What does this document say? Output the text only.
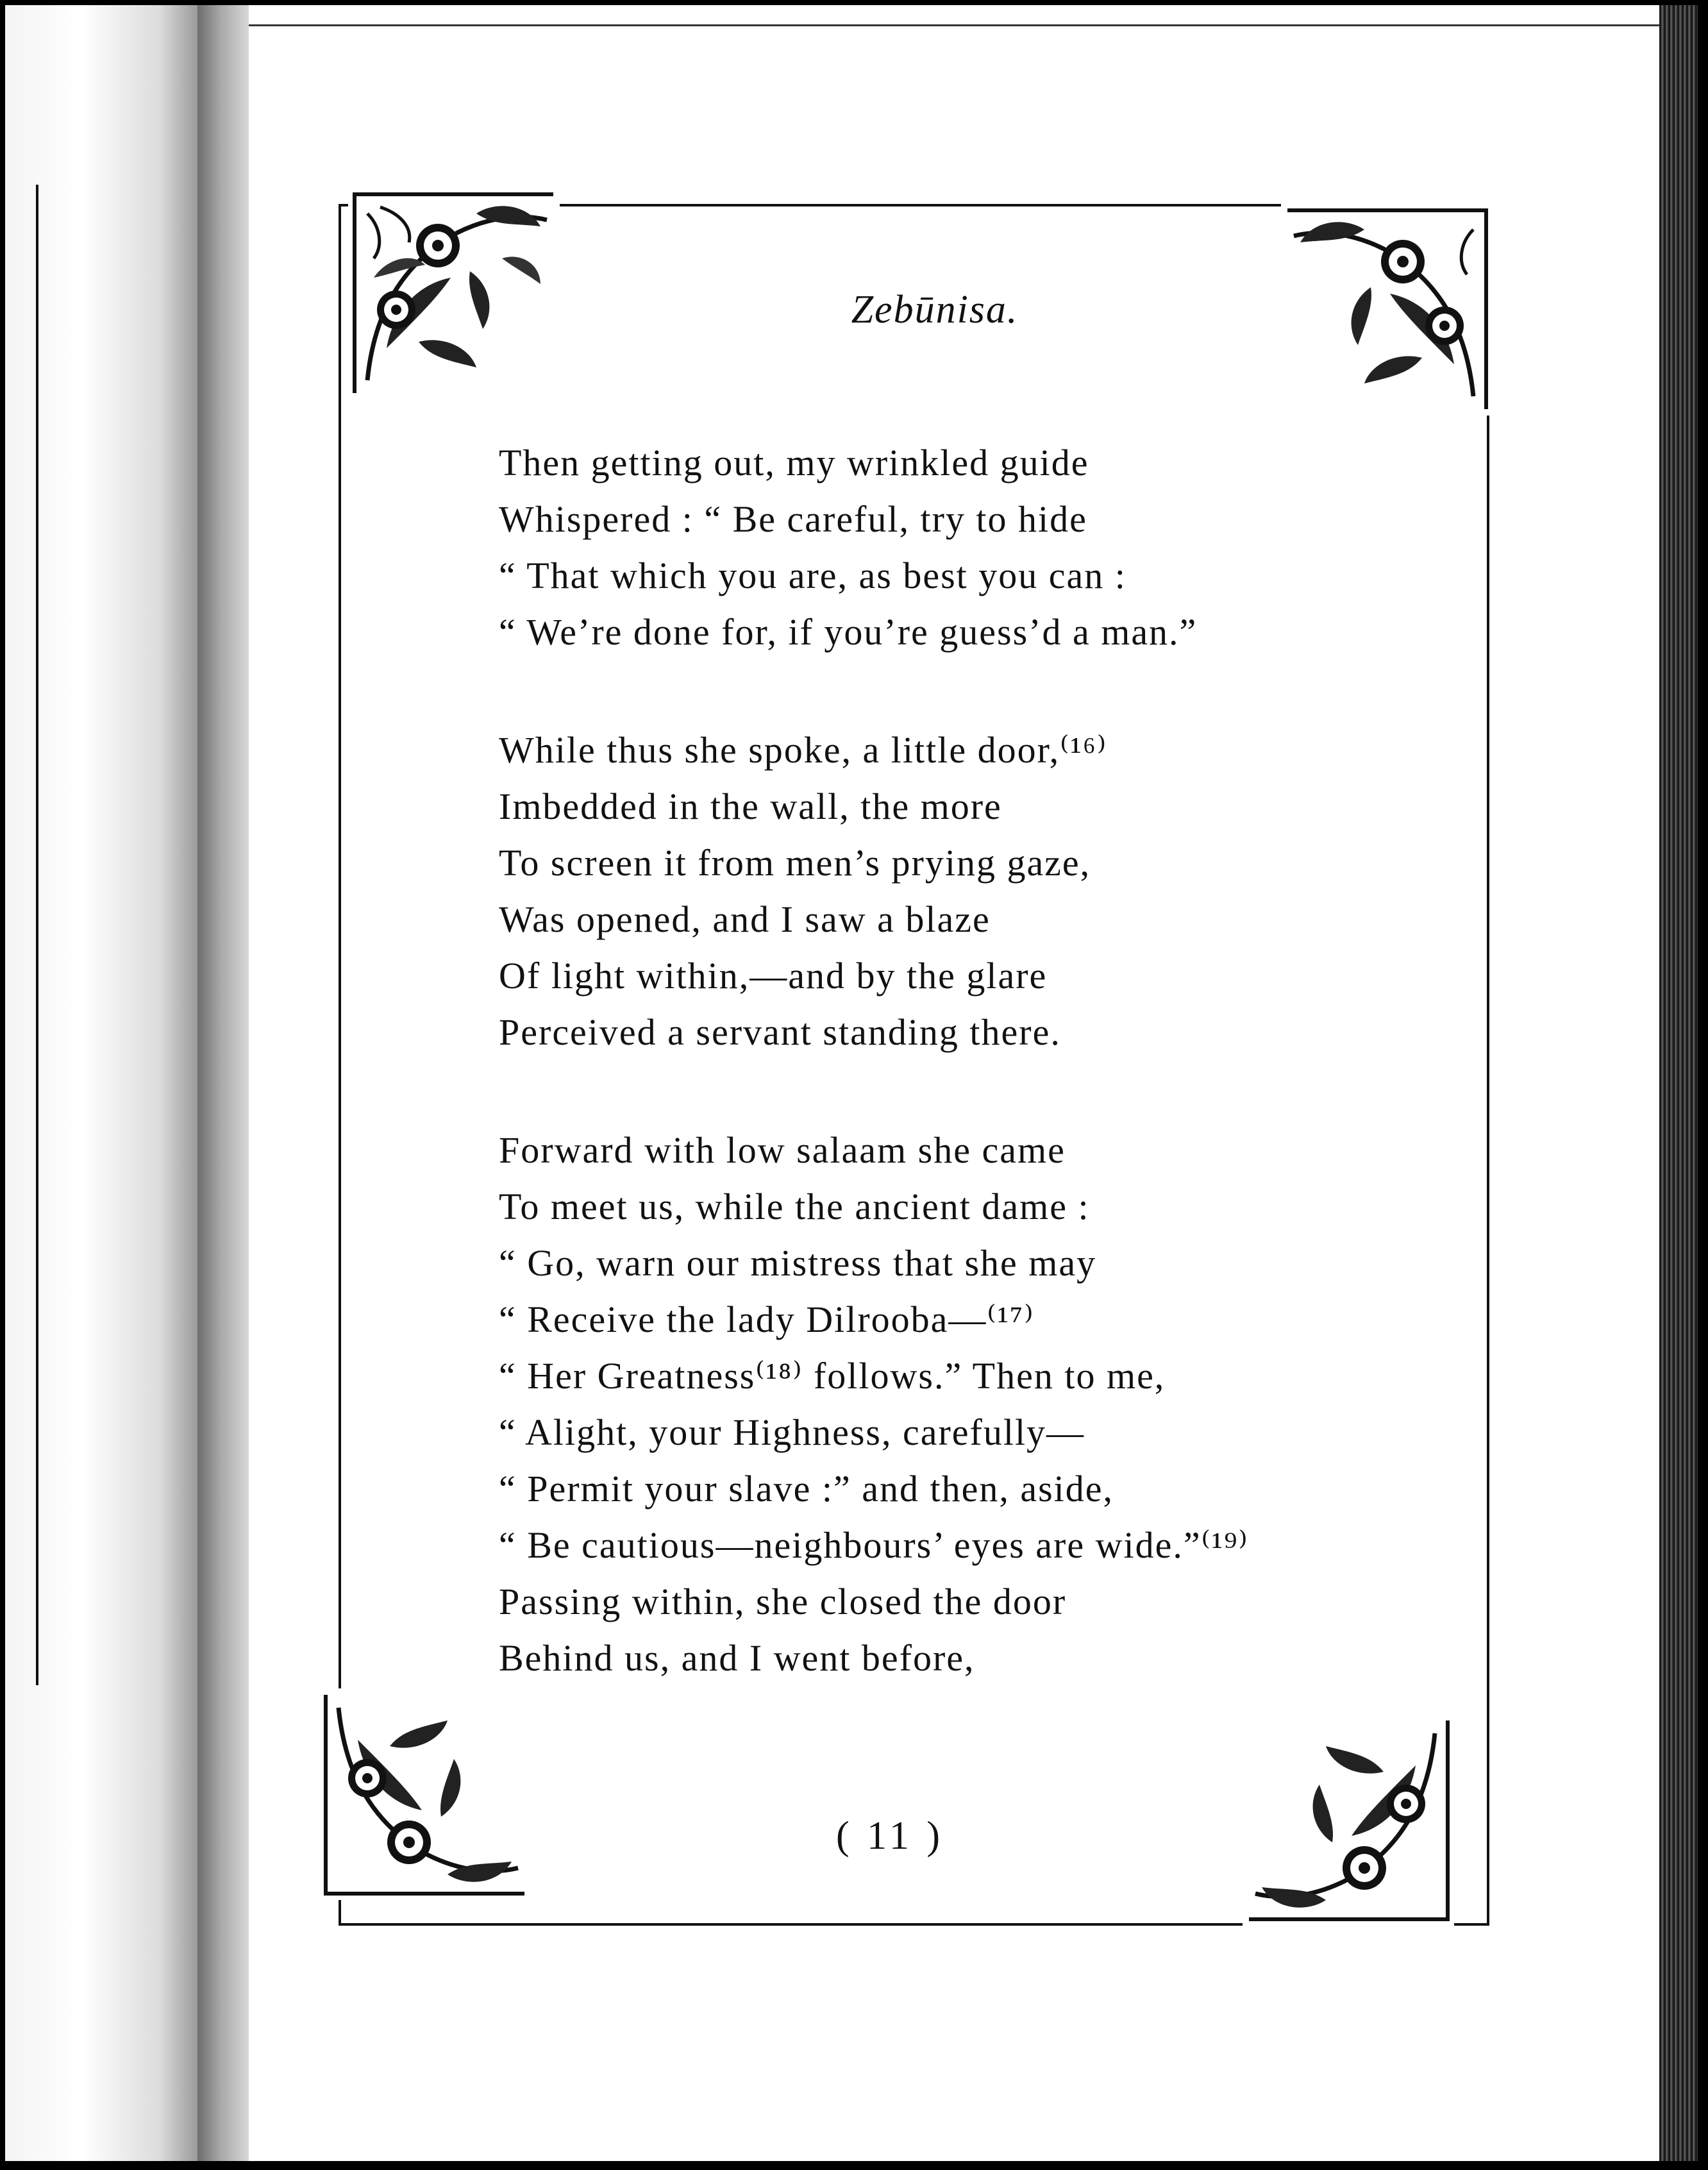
Zebūnisa.
Then getting out, my wrinkled guide
Whispered : “ Be careful, try to hide
“ That which you are, as best you can :
“ We’re done for, if you’re guess’d a man.”
While thus she spoke, a little door,⁽¹⁶⁾
Imbedded in the wall, the more
To screen it from men’s prying gaze,
Was opened, and I saw a blaze
Of light within,—and by the glare
Perceived a servant standing there.
Forward with low salaam she came
To meet us, while the ancient dame :
“ Go, warn our mistress that she may
“ Receive the lady Dilrooba—⁽¹⁷⁾
“ Her Greatness⁽¹⁸⁾ follows.” Then to me,
“ Alight, your Highness, carefully—
“ Permit your slave :” and then, aside,
“ Be cautious—neighbours’ eyes are wide.”⁽¹⁹⁾
Passing within, she closed the door
Behind us, and I went before,
( 11 )
